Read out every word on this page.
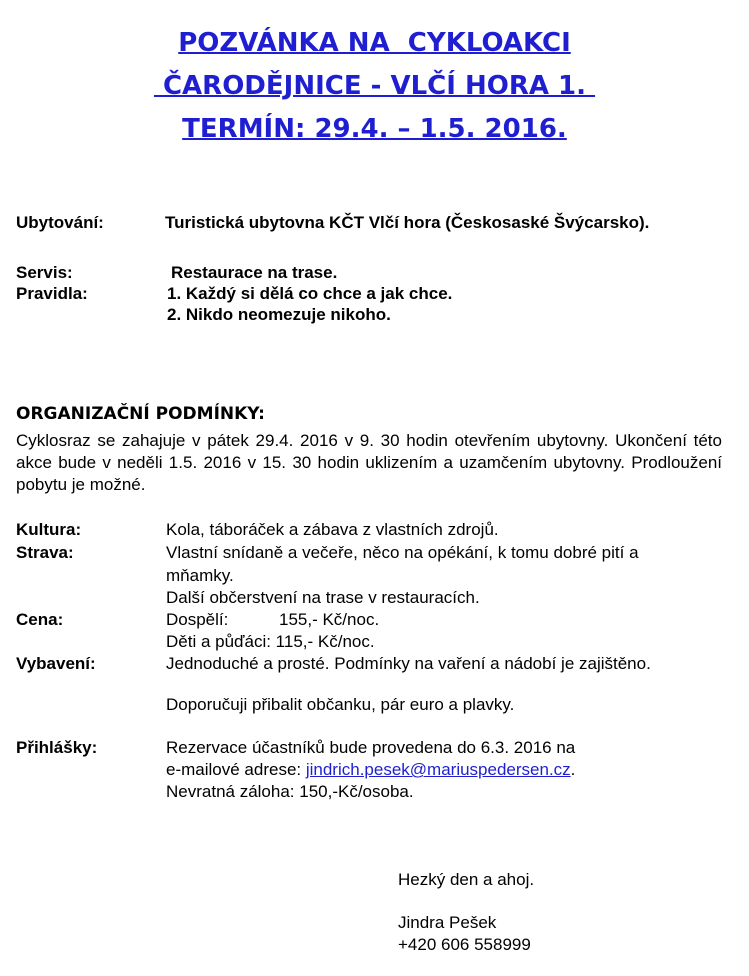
POZVÁNKA NA  CYKLOAKCI
ČARODĚJNICE - VLČÍ HORA 1.
TERMÍN: 29.4. – 1.5. 2016.
Ubytování:	Turistická ubytovna KČT Vlčí hora (Českosaské Švýcarsko).
Servis:	Restaurace na trase.
Pravidla:	1. Každý si dělá co chce a jak chce.
2. Nikdo neomezuje nikoho.
ORGANIZAČNÍ PODMÍNKY:
Cyklosraz se zahajuje v pátek 29.4. 2016 v 9. 30 hodin otevřením ubytovny. Ukončení této akce bude v neděli 1.5. 2016 v 15. 30 hodin uklizením a uzamčením ubytovny. Prodloužení pobytu je možné.
Kultura:	Kola, táboráček a zábava z vlastních zdrojů.
Strava:	Vlastní snídaně a večeře, něco na opékání, k tomu dobré pití a
mňamky.
Další občerstvení na trase v restauracích.
Cena:	Dospělí:	155,- Kč/noc.
Děti a půďáci: 115,- Kč/noc.
Vybavení:	Jednoduché a prosté. Podmínky na vaření a nádobí je zajištěno.
Doporučuji přibalit občanku, pár euro a plavky.
Přihlášky:	Rezervace účastníků bude provedena do 6.3. 2016 na
e-mailové adrese: jindrich.pesek@mariuspedersen.cz.
Nevratná záloha: 150,-Kč/osoba.
Hezký den a ahoj.
Jindra Pešek
+420 606 558999
